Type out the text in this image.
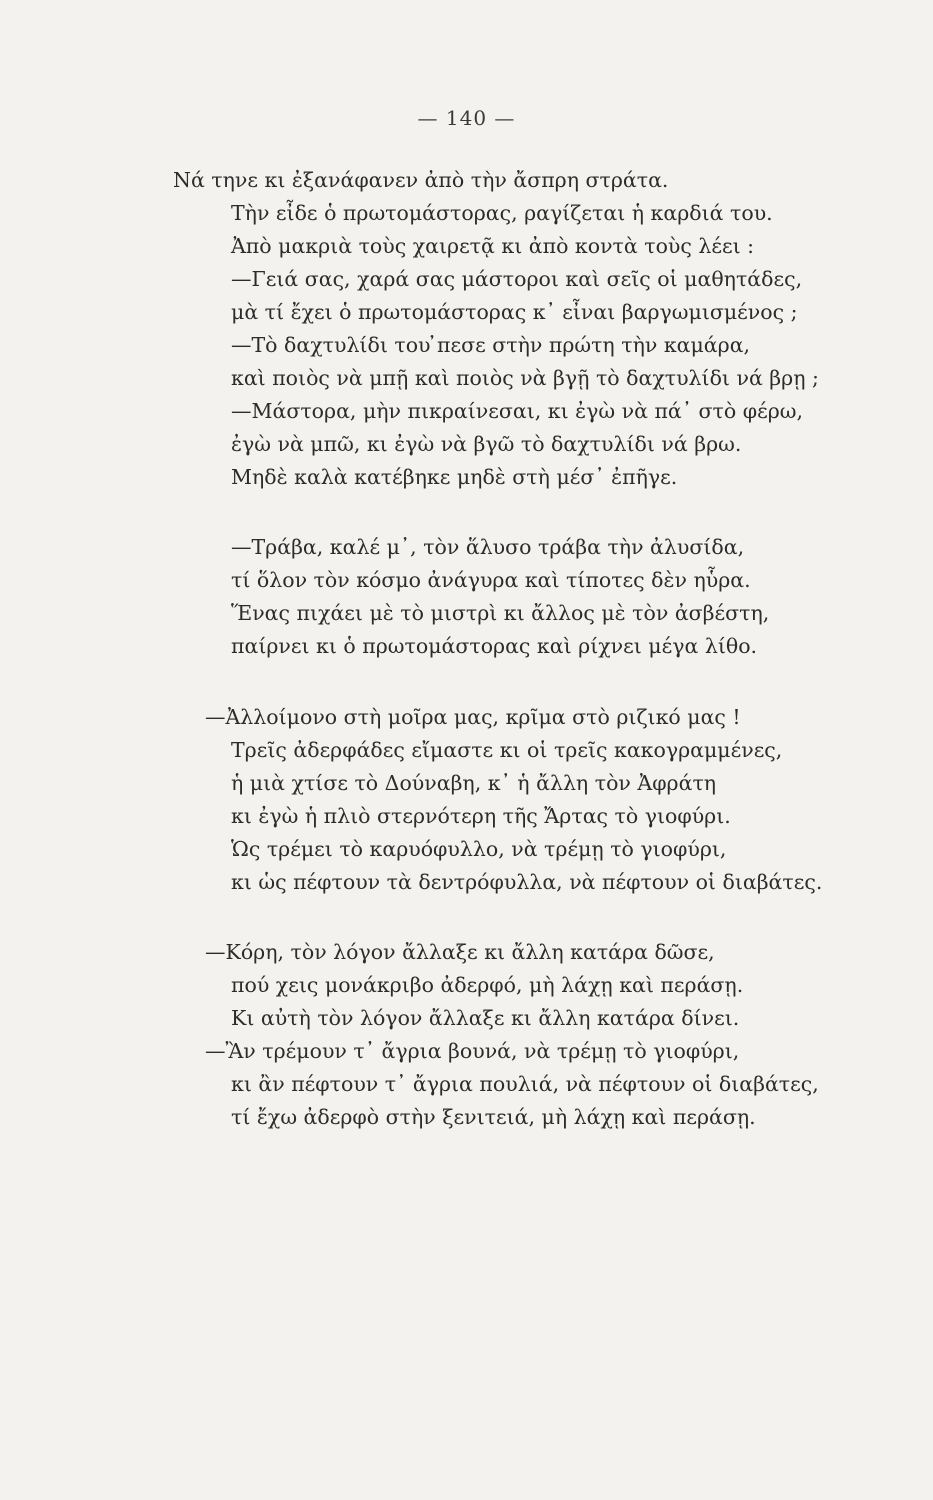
— 140 —
Νά τηνε κι ἐξανάφανεν ἀπὸ τὴν ἄσπρη στράτα.
Τὴν εἶδε ὁ πρωτομάστορας, ραγίζεται ἡ καρδιά του.
Ἀπὸ μακριὰ τοὺς χαιρετᾷ κι ἀπὸ κοντὰ τοὺς λέει :
—Γειά σας, χαρά σας μάστοροι καὶ σεῖς οἱ μαθητάδες,
μὰ τί ἔχει ὁ πρωτομάστορας κ᾽ εἶναι βαργωμισμένος ;
—Τὸ δαχτυλίδι του ̓πεσε στὴν πρώτη τὴν καμάρα,
καὶ ποιὸς νὰ μπῇ καὶ ποιὸς νὰ βγῇ τὸ δαχτυλίδι νά βρῃ ;
—Μάστορα, μὴν πικραίνεσαι, κι ἐγὼ νὰ πά᾽ στὸ φέρω,
ἐγὼ νὰ μπῶ, κι ἐγὼ νὰ βγῶ τὸ δαχτυλίδι νά βρω.
Μηδὲ καλὰ κατέβηκε μηδὲ στὴ μέσ᾽ ἐπῆγε.
—Τράβα, καλέ μ᾽, τὸν ἅλυσο τράβα τὴν ἀλυσίδα,
τί ὅλον τὸν κόσμο ἀνάγυρα καὶ τίποτες δὲν ηὗρα.
Ἕνας πιχάει μὲ τὸ μιστρὶ κι ἄλλος μὲ τὸν ἀσβέστη,
παίρνει κι ὁ πρωτομάστορας καὶ ρίχνει μέγα λίθο.
—Ἀλλοίμονο στὴ μοῖρα μας, κρῖμα στὸ ριζικό μας !
Τρεῖς ἀδερφάδες εἴμαστε κι οἱ τρεῖς κακογραμμένες,
ἡ μιὰ χτίσε τὸ Δούναβη, κ᾽ ἡ ἄλλη τὸν Ἀφράτη
κι ἐγὼ ἡ πλιὸ στερνότερη τῆς Ἄρτας τὸ γιοφύρι.
Ὡς τρέμει τὸ καρυόφυλλο, νὰ τρέμῃ τὸ γιοφύρι,
κι ὡς πέφτουν τὰ δεντρόφυλλα, νὰ πέφτουν οἱ διαβάτες.
—Κόρη, τὸν λόγον ἄλλαξε κι ἄλλη κατάρα δῶσε,
πού χεις μονάκριβο ἀδερφό, μὴ λάχῃ καὶ περάσῃ.
Κι αὐτὴ τὸν λόγον ἄλλαξε κι ἄλλη κατάρα δίνει.
—Ἂν τρέμουν τ᾽ ἄγρια βουνά, νὰ τρέμῃ τὸ γιοφύρι,
κι ἂν πέφτουν τ᾽ ἄγρια πουλιά, νὰ πέφτουν οἱ διαβάτες,
τί ἔχω ἀδερφὸ στὴν ξενιτειά, μὴ λάχῃ καὶ περάσῃ.
